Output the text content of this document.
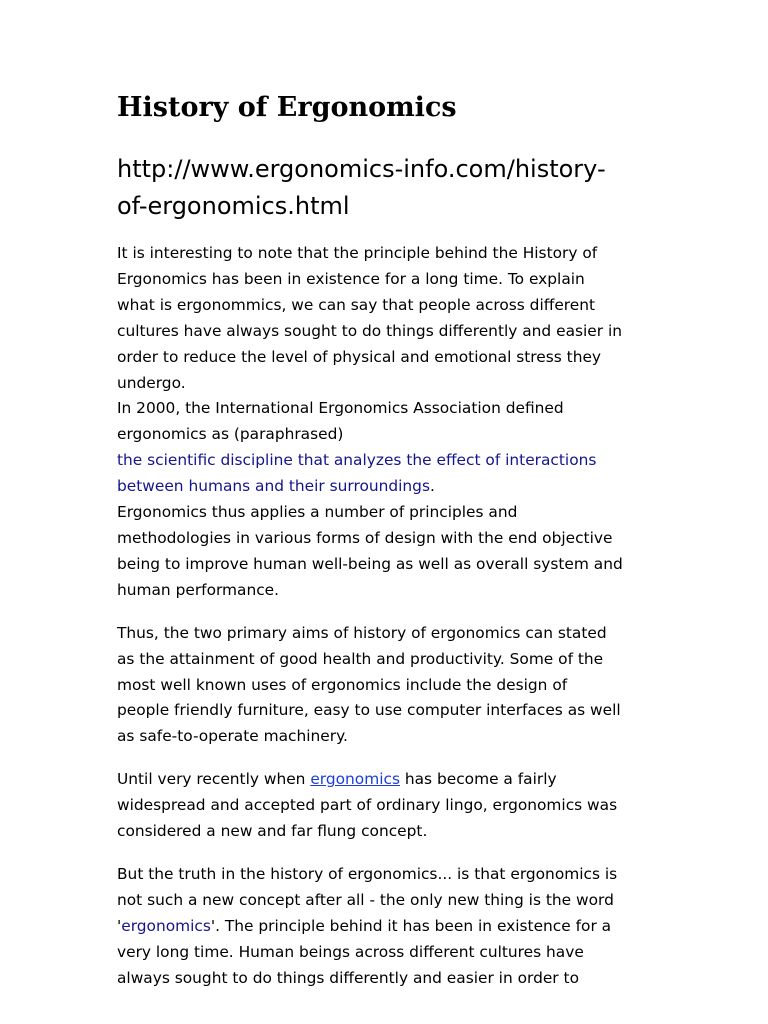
History of Ergonomics
http://www.ergonomics-info.com/history-
of-ergonomics.html

It is interesting to note that the principle behind the History of
Ergonomics has been in existence for a long time. To explain
what is ergonommics, we can say that people across different
cultures have always sought to do things differently and easier in
order to reduce the level of physical and emotional stress they
undergo.
In 2000, the International Ergonomics Association defined
ergonomics as (paraphrased)
the scientific discipline that analyzes the effect of interactions
between humans and their surroundings.
Ergonomics thus applies a number of principles and
methodologies in various forms of design with the end objective
being to improve human well-being as well as overall system and
human performance.

Thus, the two primary aims of history of ergonomics can stated
as the attainment of good health and productivity. Some of the
most well known uses of ergonomics include the design of
people friendly furniture, easy to use computer interfaces as well
as safe-to-operate machinery.

Until very recently when ergonomics has become a fairly
widespread and accepted part of ordinary lingo, ergonomics was
considered a new and far flung concept.

But the truth in the history of ergonomics... is that ergonomics is
not such a new concept after all - the only new thing is the word
'ergonomics'. The principle behind it has been in existence for a
very long time. Human beings across different cultures have
always sought to do things differently and easier in order to
